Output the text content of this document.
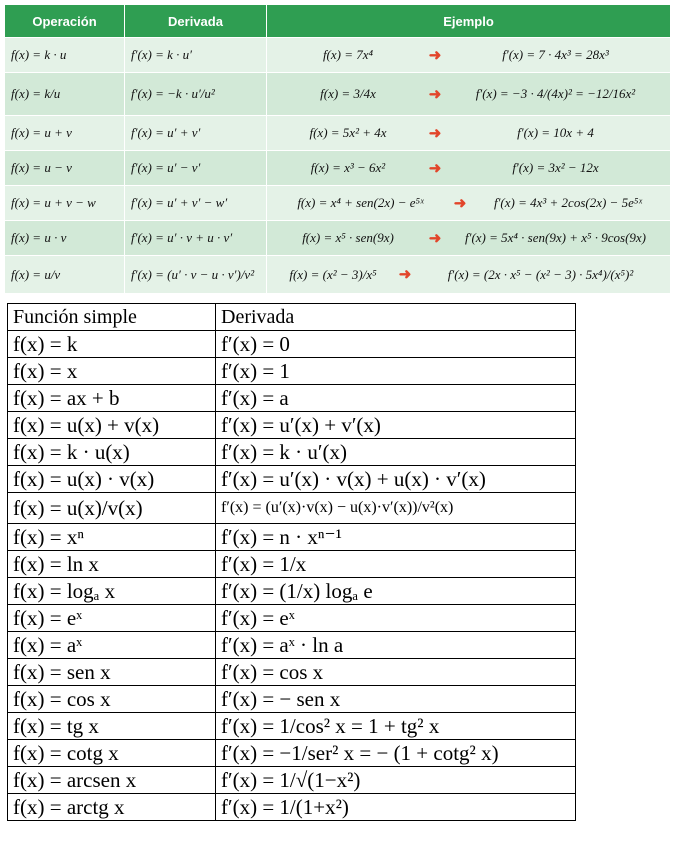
Operación	Derivada	Ejemplo
f(x) = k · u	f′(x) = k · u′	f(x) = 7x⁴ ➜ f′(x) = 7 · 4x³ = 28x³

f(x) = k/u	f′(x) = −k · u′/u²	f(x) = 3/4x ➜ f′(x) = −3 · 4/(4x)² = −12/16x²

f(x) = u + v	f′(x) = u′ + v′	f(x) = 5x² + 4x ➜ f′(x) = 10x + 4

f(x) = u − v	f′(x) = u′ − v′	f(x) = x³ − 6x² ➜ f′(x) = 3x² − 12x

f(x) = u + v − w	f′(x) = u′ + v′ − w′	f(x) = x⁴ + sen(2x) − e⁵ˣ ➜ f′(x) = 4x³ + 2cos(2x) − 5e⁵ˣ

f(x) = u · v	f′(x) = u′ · v + u · v′	f(x) = x⁵ · sen(9x) ➜ f′(x) = 5x⁴ · sen(9x) + x⁵ · 9cos(9x)

f(x) = u/v	f′(x) = (u′ · v − u · v′)/v²	f(x) = (x² − 3)/x⁵ ➜ f′(x) = (2x · x⁵ − (x² − 3) · 5x⁴)/(x⁵)²
Función simple	Derivada
f(x) = k	f′(x) = 0
f(x) = x	f′(x) = 1
f(x) = ax + b	f′(x) = a
f(x) = u(x) + v(x)	f′(x) = u′(x) + v′(x)
f(x) = k · u(x)	f′(x) = k · u′(x)
f(x) = u(x) · v(x)	f′(x) = u′(x) · v(x) + u(x) · v′(x)
f(x) = u(x)/v(x)	f′(x) = (u′(x)·v(x) − u(x)·v′(x))/v²(x)
f(x) = xⁿ	f′(x) = n · xⁿ⁻¹
f(x) = ln x	f′(x) = 1/x
f(x) = logₐ x	f′(x) = (1/x) logₐ e
f(x) = eˣ	f′(x) = eˣ
f(x) = aˣ	f′(x) = aˣ · ln a
f(x) = sen x	f′(x) = cos x
f(x) = cos x	f′(x) = − sen x
f(x) = tg x	f′(x) = 1/cos² x = 1 + tg² x
f(x) = cotg x	f′(x) = −1/ser² x = − (1 + cotg² x)
f(x) = arcsen x	f′(x) = 1/√(1−x²)
f(x) = arctg x	f′(x) = 1/(1+x²)
